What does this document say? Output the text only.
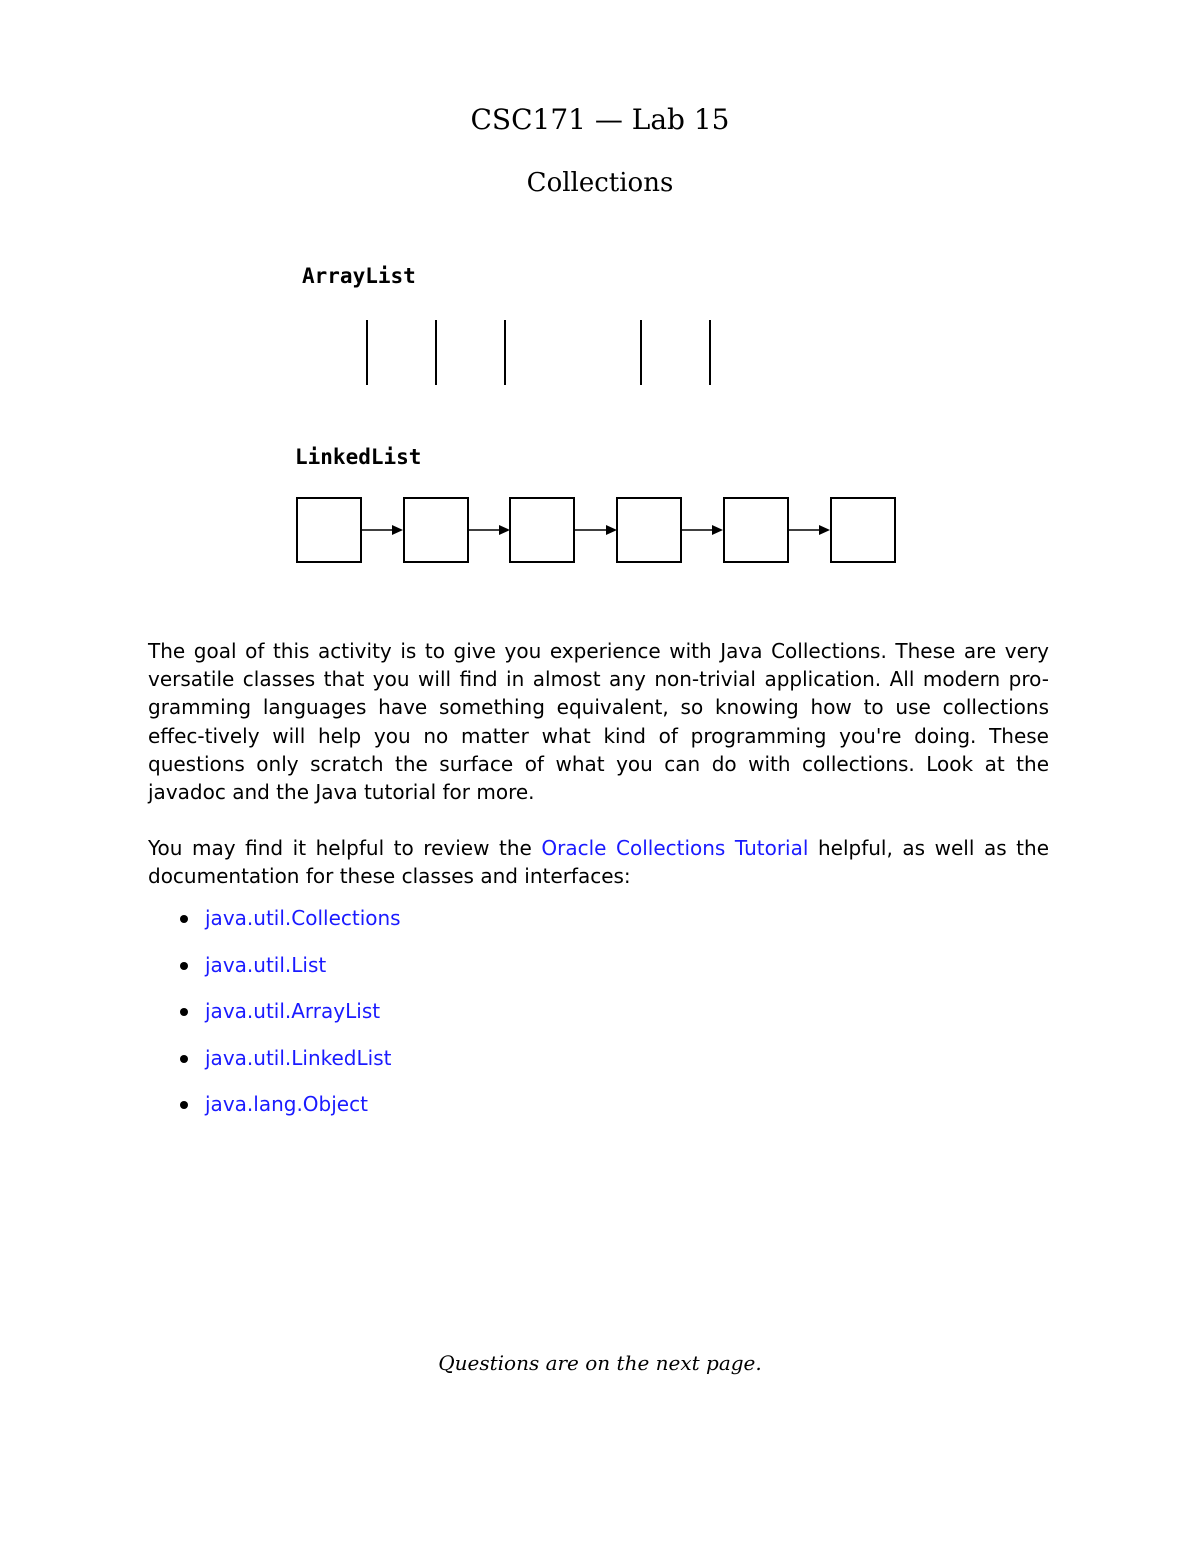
CSC171 — Lab 15
Collections
ArrayList
LinkedList

The goal of this activity is to give you experience with Java Collections. These are very versatile classes that you will find in almost any non-trivial application. All modern pro-gramming languages have something equivalent, so knowing how to use collections effec-tively will help you no matter what kind of programming you're doing. These questions only scratch the surface of what you can do with collections. Look at the javadoc and the Java tutorial for more.

You may find it helpful to review the Oracle Collections Tutorial helpful, as well as the documentation for these classes and interfaces:

java.util.Collections
java.util.List
java.util.ArrayList
java.util.LinkedList
java.lang.Object
Questions are on the next page.
